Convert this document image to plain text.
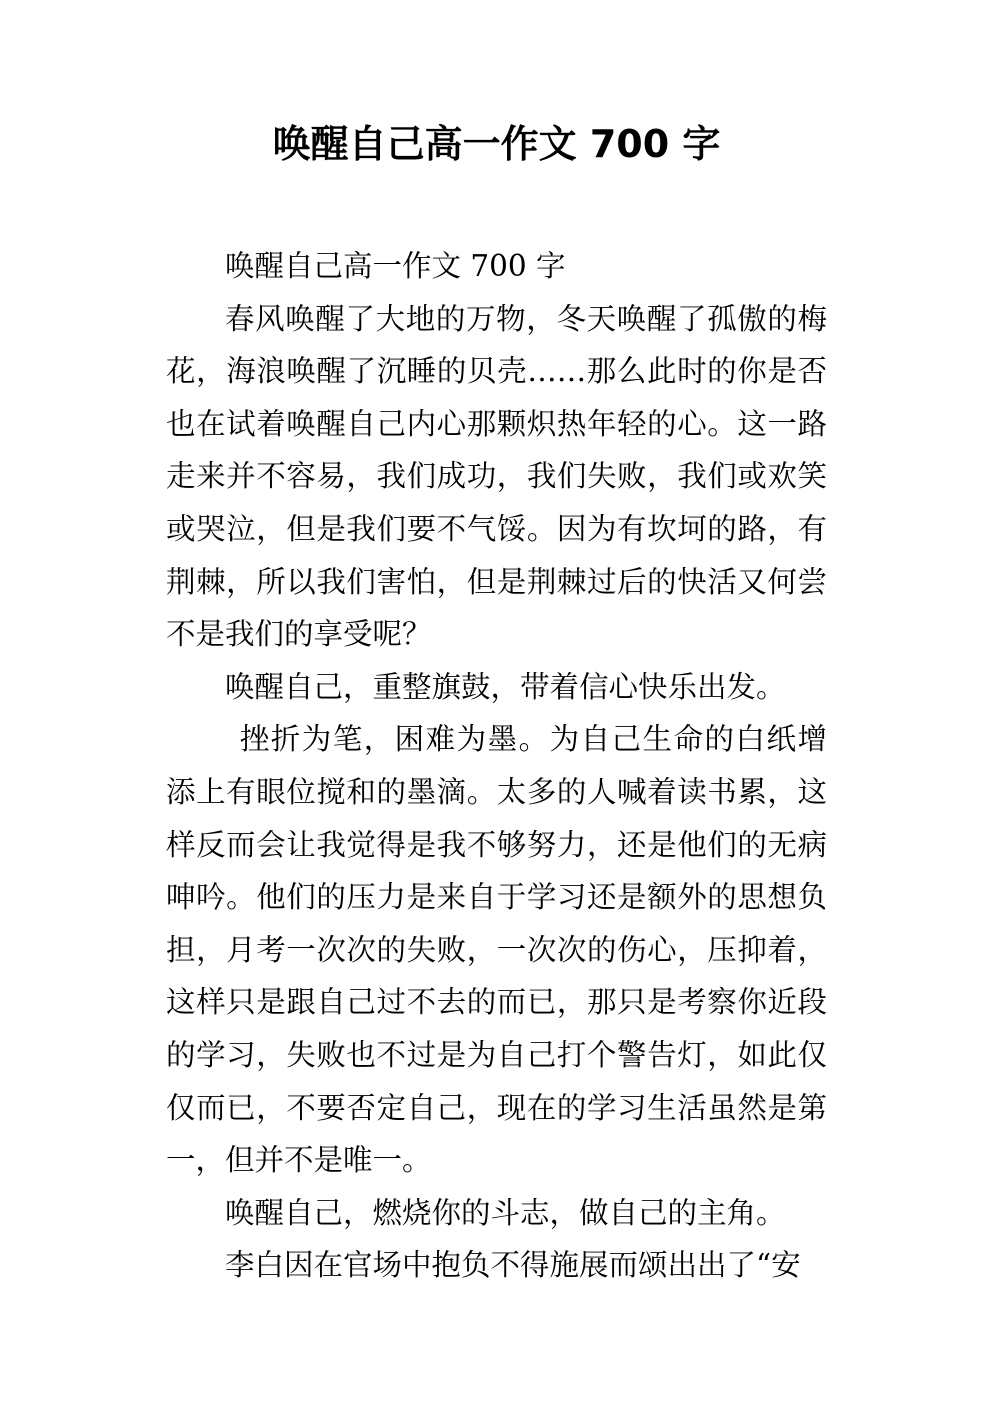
唤醒自己高一作文 700 字

唤醒自己高一作文 700 字

春风唤醒了大地的万物，冬天唤醒了孤傲的梅花，海浪唤醒了沉睡的贝壳……那么此时的你是否也在试着唤醒自己内心那颗炽热年轻的心。这一路走来并不容易，我们成功，我们失败，我们或欢笑或哭泣，但是我们要不气馁。因为有坎坷的路，有荆棘，所以我们害怕，但是荆棘过后的快活又何尝不是我们的享受呢？

唤醒自己，重整旗鼓，带着信心快乐出发。

挫折为笔，困难为墨。为自己生命的白纸增添上有眼位搅和的墨滴。太多的人喊着读书累，这样反而会让我觉得是我不够努力，还是他们的无病呻吟。他们的压力是来自于学习还是额外的思想负担，月考一次次的失败，一次次的伤心，压抑着，这样只是跟自己过不去的而已，那只是考察你近段的学习，失败也不过是为自己打个警告灯，如此仅仅而已，不要否定自己，现在的学习生活虽然是第一，但并不是唯一。

唤醒自己，燃烧你的斗志，做自己的主角。

李白因在官场中抱负不得施展而颂出出了“安
